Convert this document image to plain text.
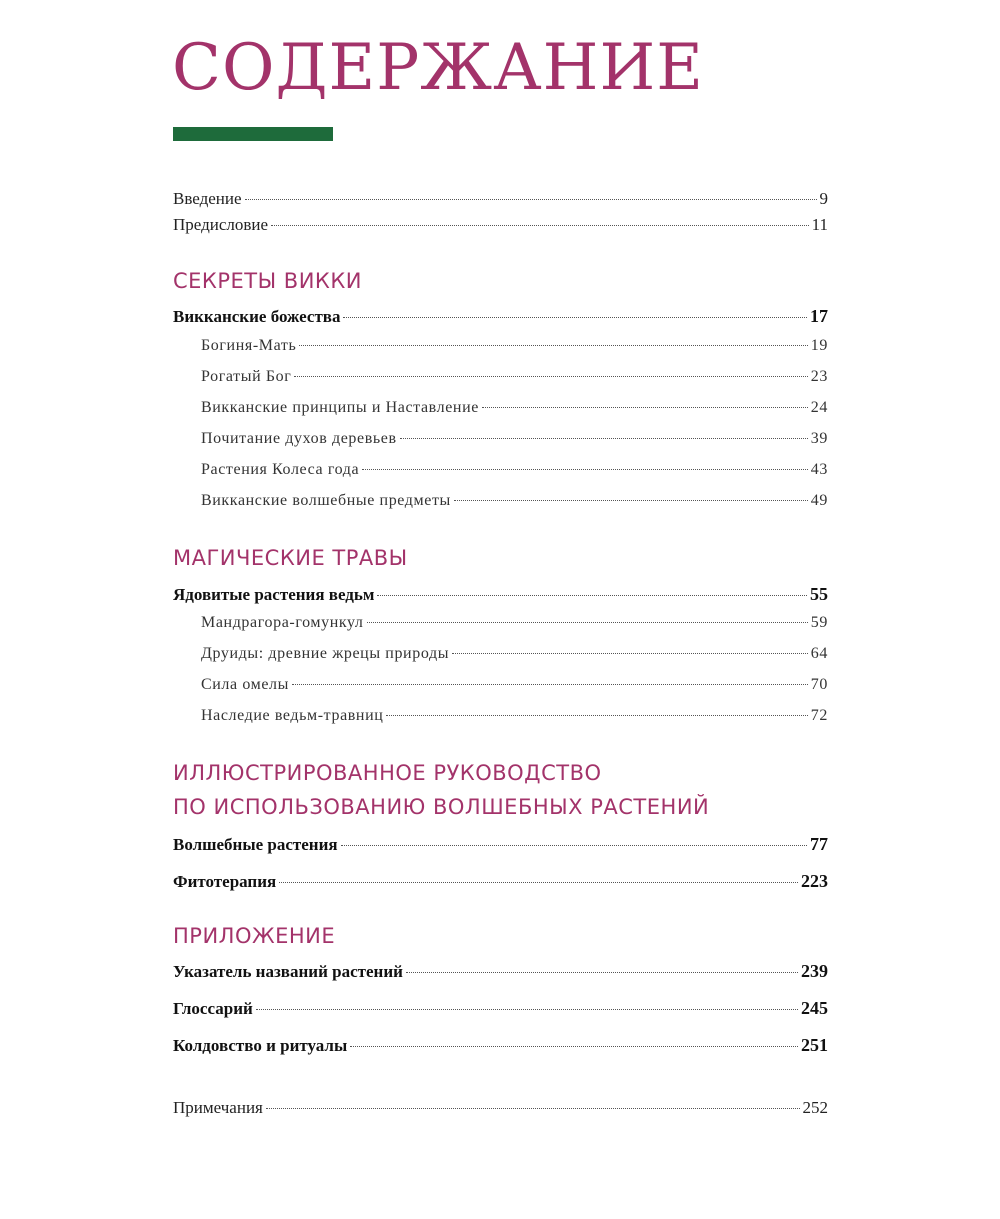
СОДЕРЖАНИЕ
Введение	9
Предисловие	11
СЕКРЕТЫ ВИККИ
Викканские божества	17
Богиня-Мать	19
Рогатый Бог	23
Викканские принципы и Наставление	24
Почитание духов деревьев	39
Растения Колеса года	43
Викканские волшебные предметы	49
МАГИЧЕСКИЕ ТРАВЫ
Ядовитые растения ведьм	55
Мандрагора-гомункул	59
Друиды: древние жрецы природы	64
Сила омелы	70
Наследие ведьм-травниц	72
ИЛЛЮСТРИРОВАННОЕ РУКОВОДСТВО
ПО ИСПОЛЬЗОВАНИЮ ВОЛШЕБНЫХ РАСТЕНИЙ
Волшебные растения	77
Фитотерапия	223
ПРИЛОЖЕНИЕ
Указатель названий растений	239
Глоссарий	245
Колдовство и ритуалы	251
Примечания	252
